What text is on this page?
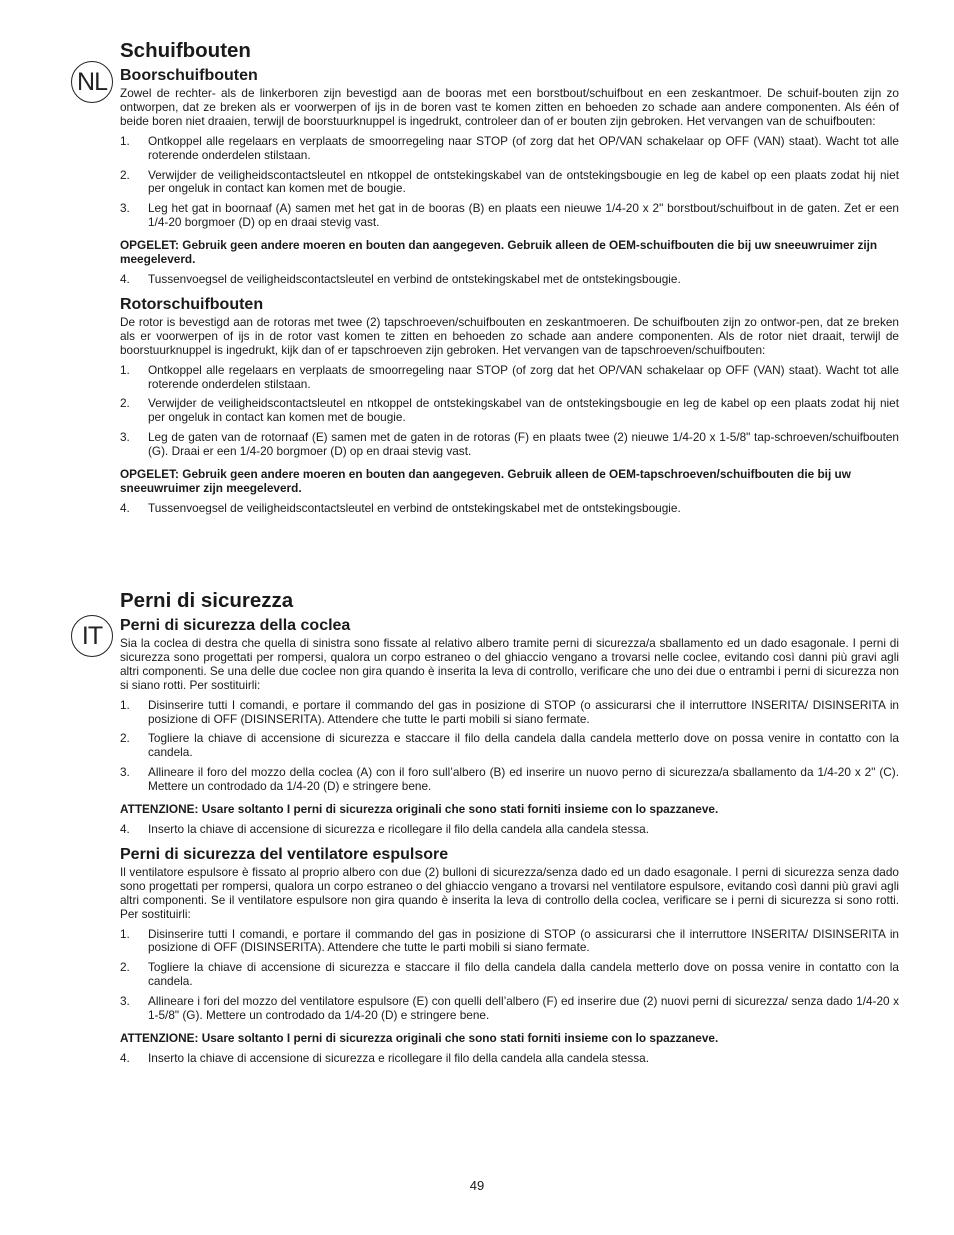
NL
Schuifbouten
Boorschuifbouten

Zowel de rechter- als de linkerboren zijn bevestigd aan de booras met een borstbout/schuifbout en een zeskantmoer. De schuif-bouten zijn zo ontworpen, dat ze breken als er voorwerpen of ijs in de boren vast te komen zitten en behoeden zo schade aan andere componenten. Als één of beide boren niet draaien, terwijl de boorstuurknuppel is ingedrukt, controleer dan of er bouten zijn gebroken. Het vervangen van de schuifbouten:

1.	Ontkoppel alle regelaars en verplaats de smoorregeling naar STOP (of zorg dat het OP/VAN schakelaar op OFF (VAN) staat). Wacht tot alle roterende onderdelen stilstaan.
2.	Verwijder de veiligheidscontactsleutel en ntkoppel de ontstekingskabel van de ontstekingsbougie en leg de kabel op een plaats zodat hij niet per ongeluk in contact kan komen met de bougie.
3.	Leg het gat in boornaaf (A) samen met het gat in de booras (B) en plaats een nieuwe 1/4-20 x 2" borstbout/schuifbout in de gaten. Zet er een 1/4-20 borgmoer (D) op en draai stevig vast.

OPGELET: Gebruik geen andere moeren en bouten dan aangegeven. Gebruik alleen de OEM-schuifbouten die bij uw sneeuwruimer zijn meegeleverd.

4.	Tussenvoegsel de veiligheidscontactsleutel en verbind de ontstekingskabel met de ontstekingsbougie.
Rotorschuifbouten

De rotor is bevestigd aan de rotoras met twee (2) tapschroeven/schuifbouten en zeskantmoeren. De schuifbouten zijn zo ontwor-pen, dat ze breken als er voorwerpen of ijs in de rotor vast komen te zitten en behoeden zo schade aan andere componenten. Als de rotor niet draait, terwijl de boorstuurknuppel is ingedrukt, kijk dan of er tapschroeven zijn gebroken. Het vervangen van de tapschroeven/schuifbouten:

1.	Ontkoppel alle regelaars en verplaats de smoorregeling naar STOP (of zorg dat het OP/VAN schakelaar op OFF (VAN) staat). Wacht tot alle roterende onderdelen stilstaan.
2.	Verwijder de veiligheidscontactsleutel en ntkoppel de ontstekingskabel van de ontstekingsbougie en leg de kabel op een plaats zodat hij niet per ongeluk in contact kan komen met de bougie.
3.	Leg de gaten van de rotornaaf (E) samen met de gaten in de rotoras (F) en plaats twee (2) nieuwe 1/4-20 x 1-5/8" tap-schroeven/schuifbouten (G). Draai er een 1/4-20 borgmoer (D) op en draai stevig vast.

OPGELET: Gebruik geen andere moeren en bouten dan aangegeven. Gebruik alleen de OEM-tapschroeven/schuifbouten die bij uw sneeuwruimer zijn meegeleverd.

4.	Tussenvoegsel de veiligheidscontactsleutel en verbind de ontstekingskabel met de ontstekingsbougie.
IT
Perni di sicurezza
Perni di sicurezza della coclea

Sia la coclea di destra che quella di sinistra sono fissate al relativo albero tramite perni di sicurezza/a sballamento ed un dado esagonale. I perni di sicurezza sono progettati per rompersi, qualora un corpo estraneo o del ghiaccio vengano a trovarsi nelle coclee, evitando così danni più gravi agli altri componenti. Se una delle due coclee non gira quando è inserita la leva di controllo, verificare che uno dei due o entrambi i perni di sicurezza non si siano rotti. Per sostituirli:

1.	Disinserire tutti I comandi, e portare il commando del gas in posizione di STOP (o assicurarsi che il interruttore INSERITA/ DISINSERITA in posizione di OFF (DISINSERITA). Attendere che tutte le parti mobili si siano fermate.
2.	Togliere la chiave di accensione di sicurezza e staccare il filo della candela dalla candela metterlo dove on possa venire in contatto con la candela.
3.	Allineare il foro del mozzo della coclea (A) con il foro sull’albero (B) ed inserire un nuovo perno di sicurezza/a sballamento da 1/4-20 x 2" (C). Mettere un controdado da 1/4-20 (D) e stringere bene.

ATTENZIONE: Usare soltanto I perni di sicurezza originali che sono stati forniti insieme con lo spazzaneve.

4.	Inserto la chiave di accensione di sicurezza e ricollegare il filo della candela alla candela stessa.
Perni di sicurezza del ventilatore espulsore

Il ventilatore espulsore è fissato al proprio albero con due (2) bulloni di sicurezza/senza dado ed un dado esagonale. I perni di sicurezza senza dado sono progettati per rompersi, qualora un corpo estraneo o del ghiaccio vengano a trovarsi nel ventilatore espulsore, evitando così danni più gravi agli altri componenti. Se il ventilatore espulsore non gira quando è inserita la leva di controllo della coclea, verificare se i perni di sicurezza si sono rotti. Per sostituirli:

1.	Disinserire tutti I comandi, e portare il commando del gas in posizione di STOP (o assicurarsi che il interruttore INSERITA/ DISINSERITA in posizione di OFF (DISINSERITA). Attendere che tutte le parti mobili si siano fermate.
2.	Togliere la chiave di accensione di sicurezza e staccare il filo della candela dalla candela metterlo dove on possa venire in contatto con la candela.
3.	Allineare i fori del mozzo del ventilatore espulsore (E) con quelli dell’albero (F) ed inserire due (2) nuovi perni di sicurezza/ senza dado 1/4-20 x 1-5/8" (G). Mettere un controdado da 1/4-20 (D) e stringere bene.

ATTENZIONE: Usare soltanto I perni di sicurezza originali che sono stati forniti insieme con lo spazzaneve.

4.	Inserto la chiave di accensione di sicurezza e ricollegare il filo della candela alla candela stessa.
49
